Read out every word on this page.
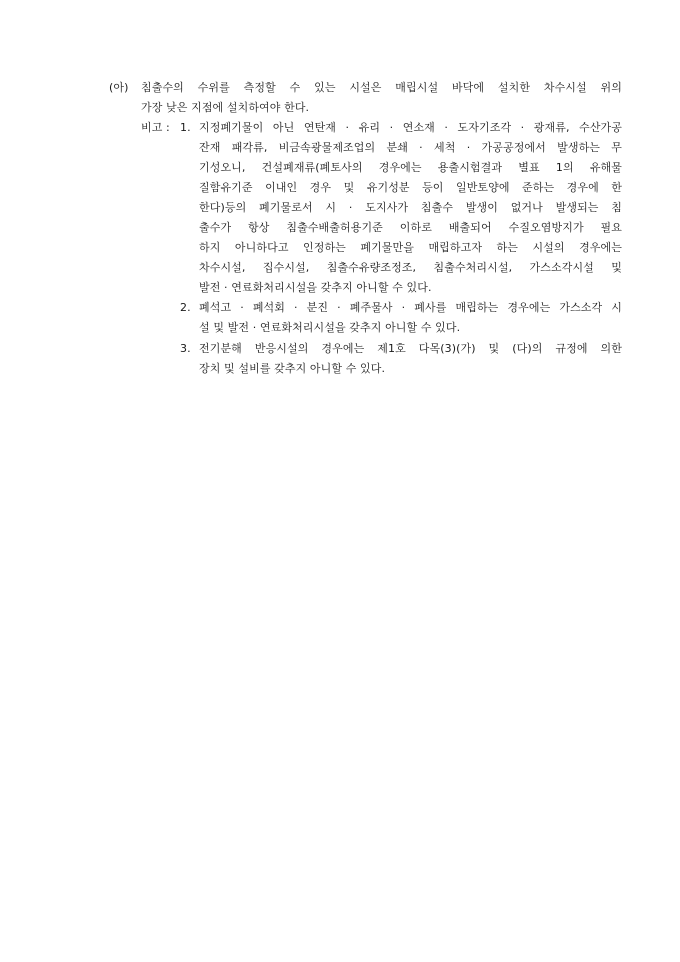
(아) 침출수의 수위를 측정할 수 있는 시설은 매립시설 바닥에 설치한 차수시설 위의
가장 낮은 지점에 설치하여야 한다.
비고 : 1. 지정폐기물이 아닌 연탄재 · 유리 · 연소재 · 도자기조각 · 광재류, 수산가공
잔재 패각류, 비금속광물제조업의 분쇄 · 세척 · 가공공정에서 발생하는 무
기성오니, 건설폐재류(폐토사의 경우에는 용출시험결과 별표 1의 유해물
질함유기준 이내인 경우 및 유기성분 등이 일반토양에 준하는 경우에 한
한다)등의 폐기물로서 시 · 도지사가 침출수 발생이 없거나 발생되는 침
출수가 항상 침출수배출허용기준 이하로 배출되어 수질오염방지가 필요
하지 아니하다고 인정하는 폐기물만을 매립하고자 하는 시설의 경우에는
차수시설, 집수시설, 침출수유량조정조, 침출수처리시설, 가스소각시설 및
발전 · 연료화처리시설을 갖추지 아니할 수 있다.
2. 폐석고 · 폐석회 · 분진 · 폐주물사 · 폐사를 매립하는 경우에는 가스소각 시
설 및 발전 · 연료화처리시설을 갖추지 아니할 수 있다.
3. 전기분해 반응시설의 경우에는 제1호 다목(3)(가) 및 (다)의 규정에 의한
장치 및 설비를 갖추지 아니할 수 있다.
